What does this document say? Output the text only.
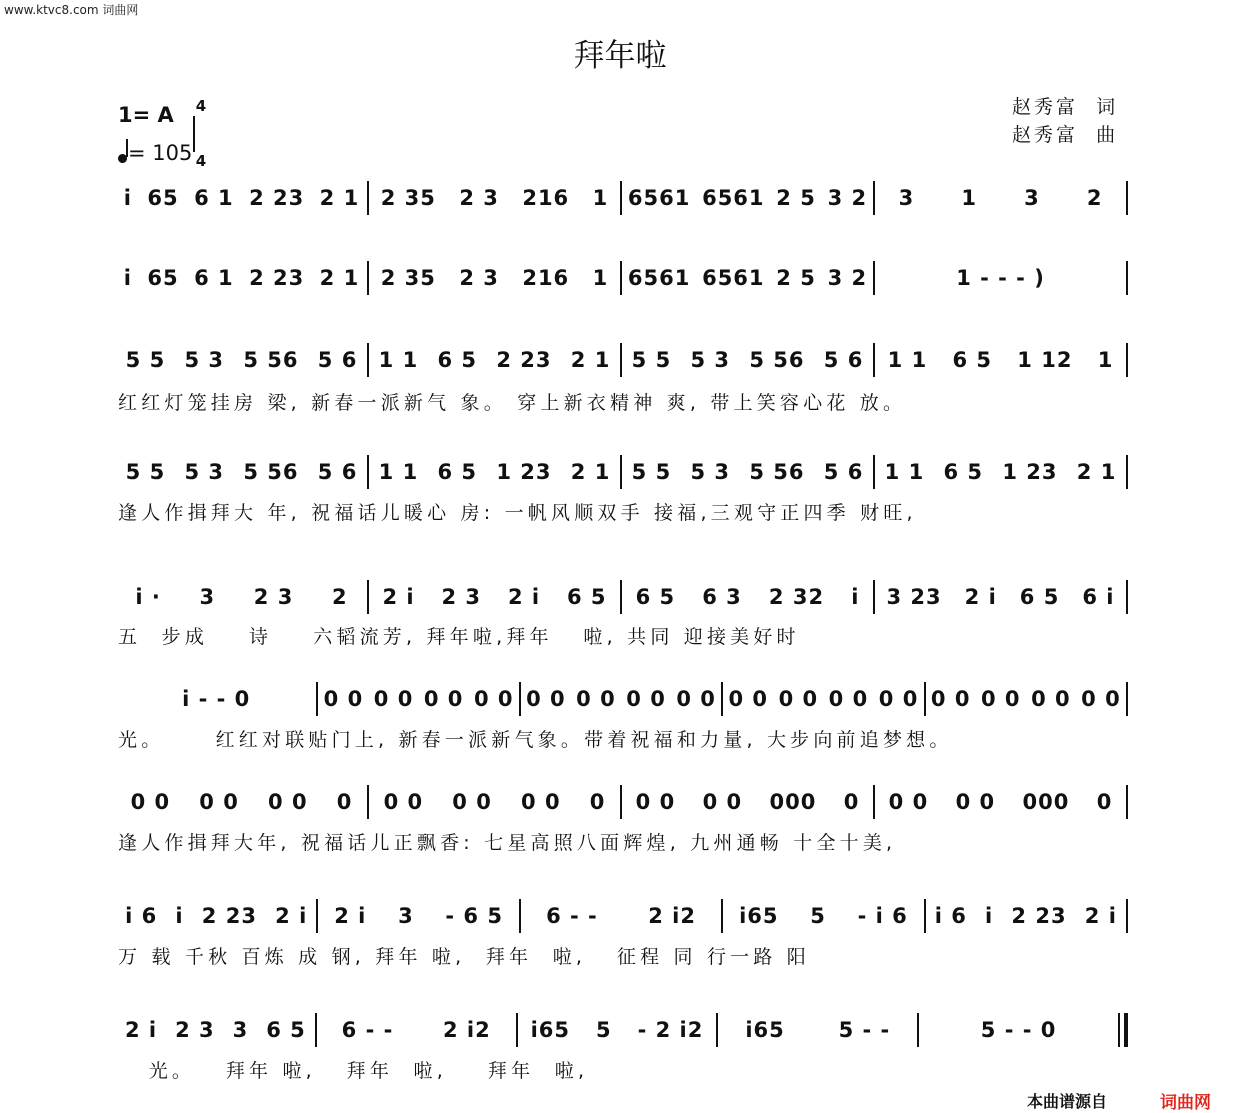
www.ktvc8.com 词曲网
拜年啦
1= A 4
4
= 105
赵秀富  词
赵秀富  曲
i 65 6 1 2 23 2 1 2 35 2 3 216 1 6561 6561 2 5 3 2 3 1 3 2
i 65 6 1 2 23 2 1 2 35 2 3 216 1 6561 6561 2 5 3 2	1 - - - )
5 5 5 3 5 56 5 6 1 1 6 5 2 23 2 1 5 5 5 3 5 56 5 6 1 1 6 5 1 12 1
5 5 5 3 5 56 5 6 1 1 6 5 1 23 2 1 5 5 5 3 5 56 5 6 1 1 6 5 1 23 2 1
i · 3 2 3 2 2 i 2 3 2 i 6 5 6 5 6 3 2 32 i 3 23 2 i 6 5 6 i
i - - 0	0 0 0 0 0 0 0 0 0 0 0 0 0 0 0 0 0 0 0 0 0 0 0 0 0 0 0 0 0 0 0 0
0 0 0 0 0 0 0 0 0 0 0 0 0 0 0 0 0 0 000 0 0 0 0 0 000 0
i 6 i 2 23 2 i 2 i 3 - 6 5 6 - - 2 i2 i65 5 - i 6 i 6 i 2 23 2 i
2 i 2 3 3 6 5 6 - - 2 i2 i65 5 - 2 i2 i65	5 - -	5 - - 0
红红灯笼挂房 梁, 新春一派新气 象。 穿上新衣精神 爽, 带上笑容心花 放。
逢人作揖拜大 年, 祝福话儿暖心 房: 一帆风顺双手 接福,三观守正四季 财旺,
五  步成    诗    六韬流芳, 拜年啦,拜年   啦, 共同 迎接美好时
光。     红红对联贴门上, 新春一派新气象。带着祝福和力量, 大步向前追梦想。
逢人作揖拜大年, 祝福话儿正飘香: 七星高照八面辉煌, 九州通畅 十全十美,
万 载 千秋 百炼 成 钢, 拜年 啦,  拜年  啦,   征程 同 行一路 阳
光。   拜年 啦,   拜年  啦,    拜年  啦,
本曲谱源自	词曲网
